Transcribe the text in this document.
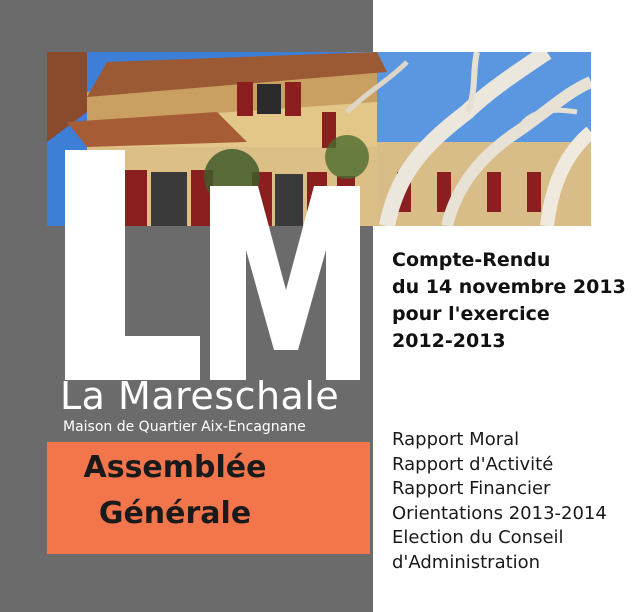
La Mareschale
Maison de Quartier Aix-Encagnane
Assemblée
Générale
Compte-Rendu
du 14 novembre 2013
pour l'exercice
2012-2013
Rapport Moral
Rapport d'Activité
Rapport Financier
Orientations 2013-2014
Election du Conseil
d'Administration
